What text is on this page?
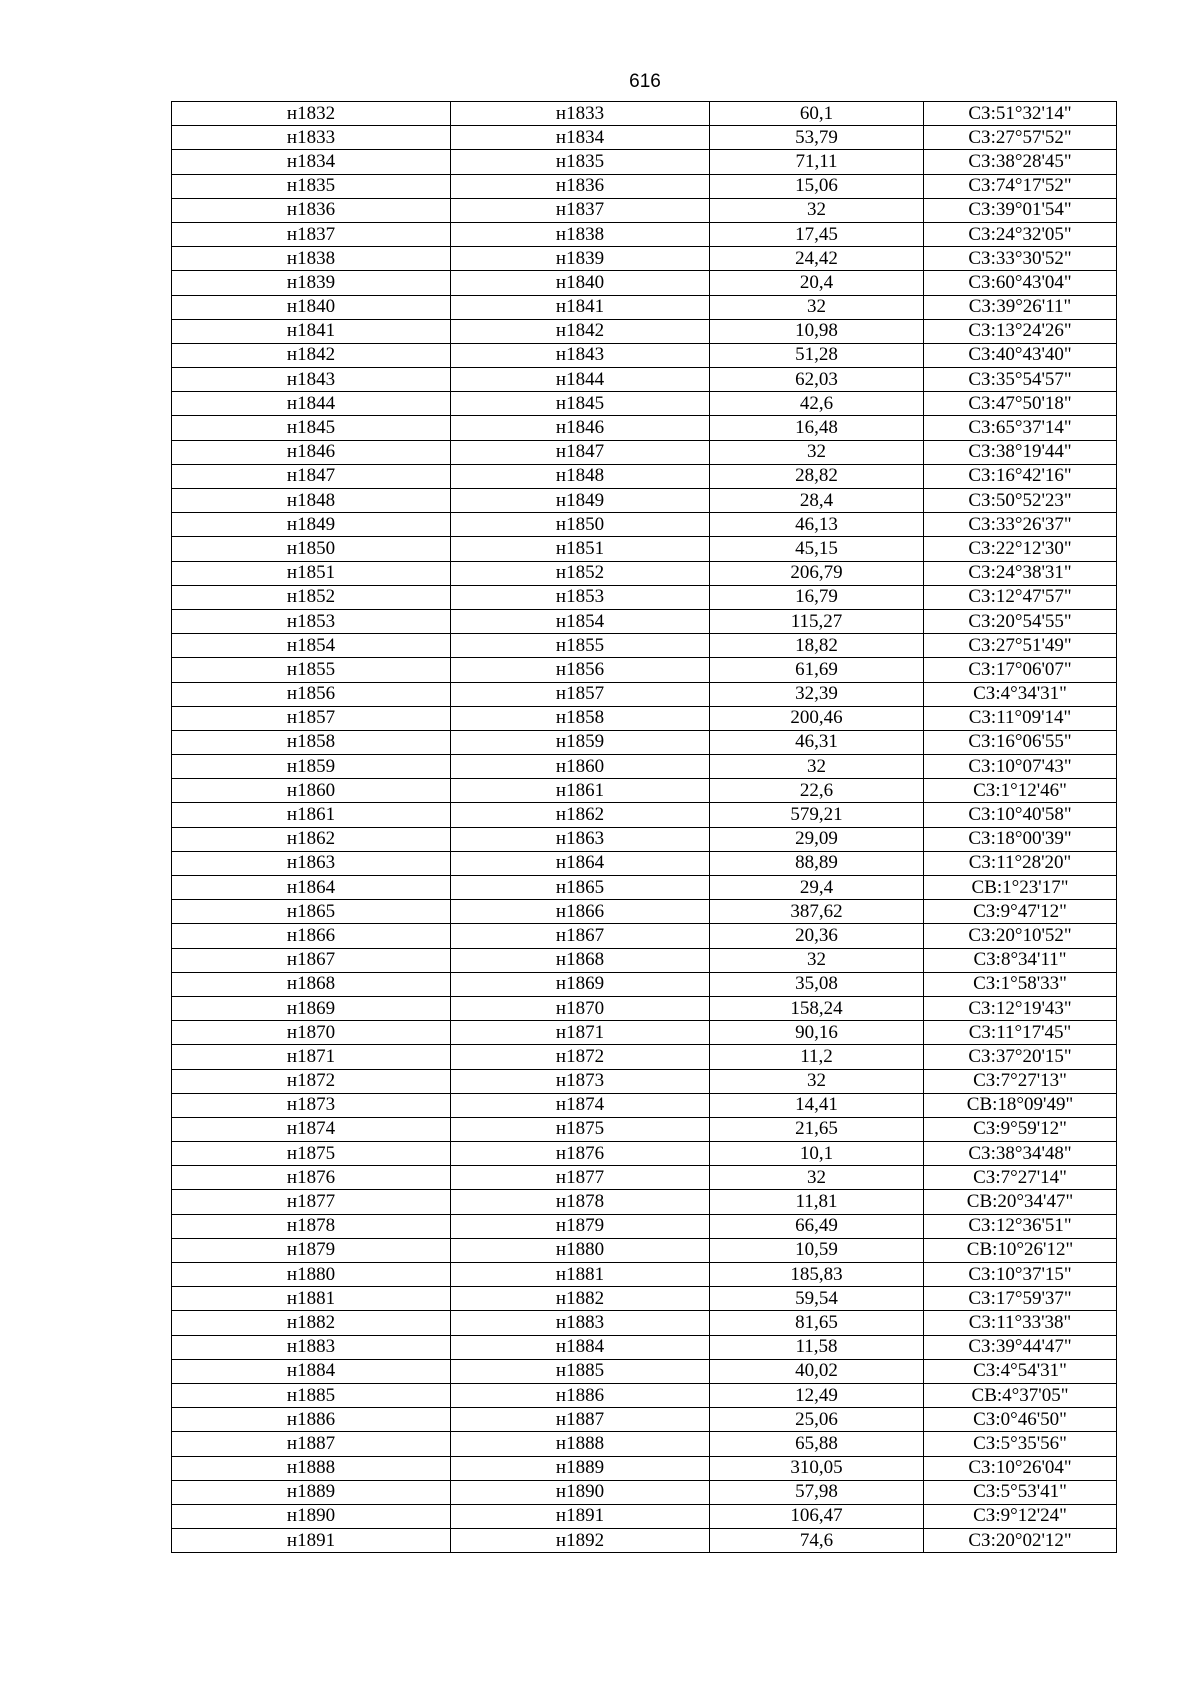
616
н1832	н1833	60,1	СЗ:51°32'14"
н1833	н1834	53,79	СЗ:27°57'52"
н1834	н1835	71,11	СЗ:38°28'45"
н1835	н1836	15,06	СЗ:74°17'52"
н1836	н1837	32	СЗ:39°01'54"
н1837	н1838	17,45	СЗ:24°32'05"
н1838	н1839	24,42	СЗ:33°30'52"
н1839	н1840	20,4	СЗ:60°43'04"
н1840	н1841	32	СЗ:39°26'11"
н1841	н1842	10,98	СЗ:13°24'26"
н1842	н1843	51,28	СЗ:40°43'40"
н1843	н1844	62,03	СЗ:35°54'57"
н1844	н1845	42,6	СЗ:47°50'18"
н1845	н1846	16,48	СЗ:65°37'14"
н1846	н1847	32	СЗ:38°19'44"
н1847	н1848	28,82	СЗ:16°42'16"
н1848	н1849	28,4	СЗ:50°52'23"
н1849	н1850	46,13	СЗ:33°26'37"
н1850	н1851	45,15	СЗ:22°12'30"
н1851	н1852	206,79	СЗ:24°38'31"
н1852	н1853	16,79	СЗ:12°47'57"
н1853	н1854	115,27	СЗ:20°54'55"
н1854	н1855	18,82	СЗ:27°51'49"
н1855	н1856	61,69	СЗ:17°06'07"
н1856	н1857	32,39	СЗ:4°34'31"
н1857	н1858	200,46	СЗ:11°09'14"
н1858	н1859	46,31	СЗ:16°06'55"
н1859	н1860	32	СЗ:10°07'43"
н1860	н1861	22,6	СЗ:1°12'46"
н1861	н1862	579,21	СЗ:10°40'58"
н1862	н1863	29,09	СЗ:18°00'39"
н1863	н1864	88,89	СЗ:11°28'20"
н1864	н1865	29,4	СВ:1°23'17"
н1865	н1866	387,62	СЗ:9°47'12"
н1866	н1867	20,36	СЗ:20°10'52"
н1867	н1868	32	СЗ:8°34'11"
н1868	н1869	35,08	СЗ:1°58'33"
н1869	н1870	158,24	СЗ:12°19'43"
н1870	н1871	90,16	СЗ:11°17'45"
н1871	н1872	11,2	СЗ:37°20'15"
н1872	н1873	32	СЗ:7°27'13"
н1873	н1874	14,41	СВ:18°09'49"
н1874	н1875	21,65	СЗ:9°59'12"
н1875	н1876	10,1	СЗ:38°34'48"
н1876	н1877	32	СЗ:7°27'14"
н1877	н1878	11,81	СВ:20°34'47"
н1878	н1879	66,49	СЗ:12°36'51"
н1879	н1880	10,59	СВ:10°26'12"
н1880	н1881	185,83	СЗ:10°37'15"
н1881	н1882	59,54	СЗ:17°59'37"
н1882	н1883	81,65	СЗ:11°33'38"
н1883	н1884	11,58	СЗ:39°44'47"
н1884	н1885	40,02	СЗ:4°54'31"
н1885	н1886	12,49	СВ:4°37'05"
н1886	н1887	25,06	СЗ:0°46'50"
н1887	н1888	65,88	СЗ:5°35'56"
н1888	н1889	310,05	СЗ:10°26'04"
н1889	н1890	57,98	СЗ:5°53'41"
н1890	н1891	106,47	СЗ:9°12'24"
н1891	н1892	74,6	СЗ:20°02'12"
